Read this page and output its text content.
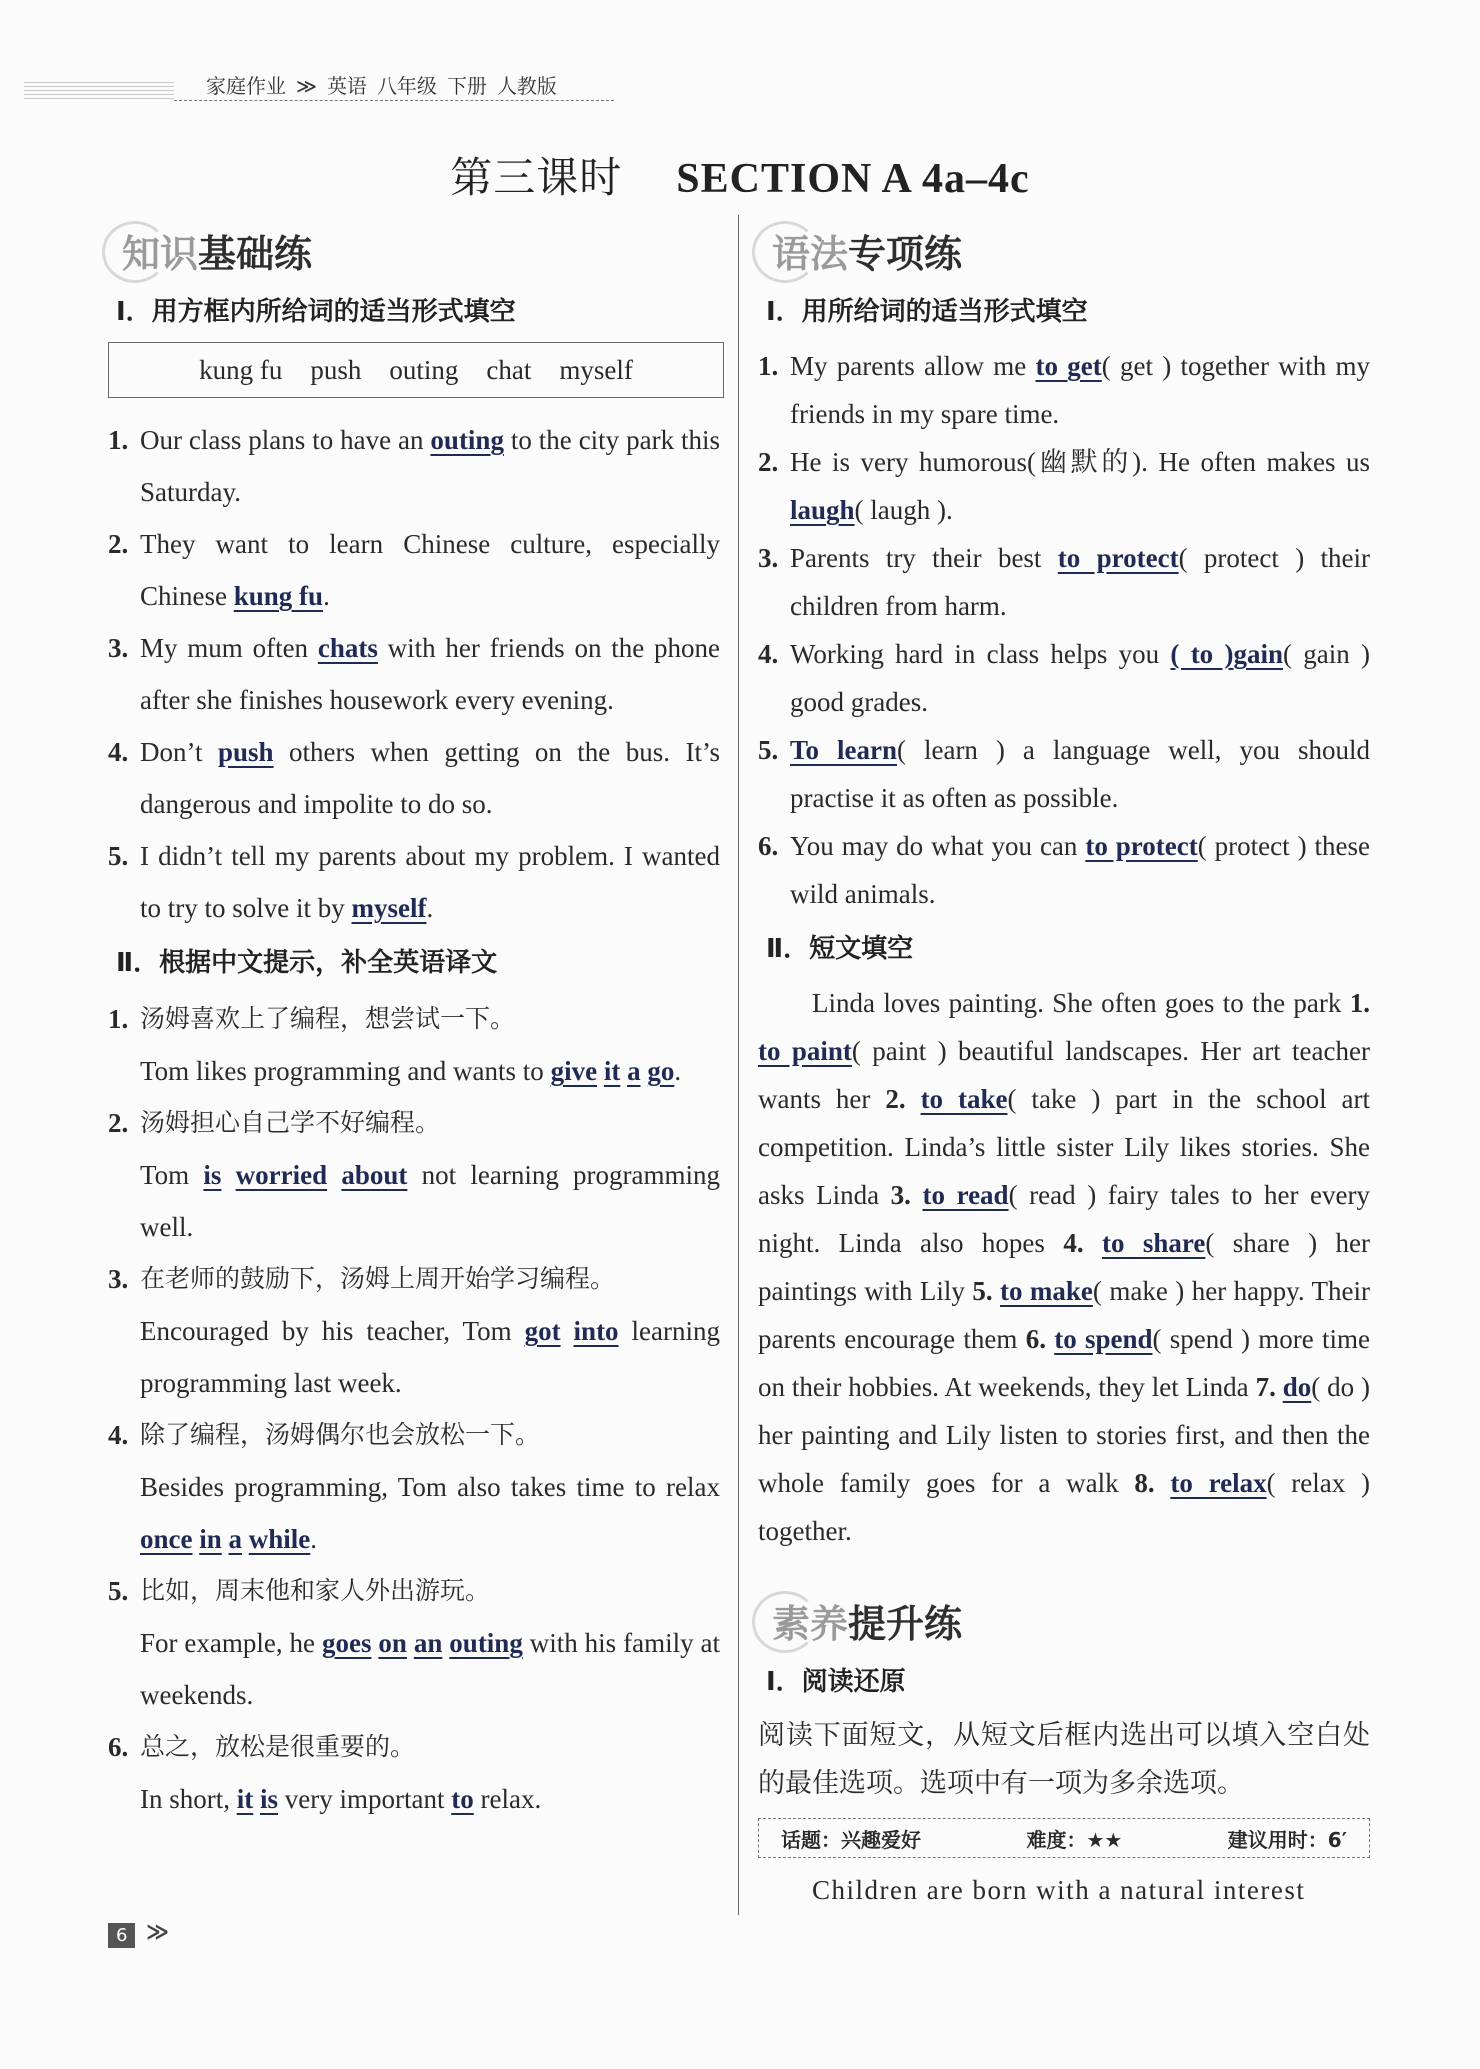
家庭作业 ≫ 英语 八年级 下册 人教版
第三课时 SECTION A 4a–4c
知识 基础练
Ⅰ．用方框内所给词的适当形式填空
kung fu push outing chat myself
1. Our class plans to have an outing to the city park this Saturday.

2. They want to learn Chinese culture, especially Chinese kung fu.

3. My mum often chats with her friends on the phone after she finishes housework every evening.

4. Don’t push others when getting on the bus. It’s dangerous and impolite to do so.

5. I didn’t tell my parents about my problem. I wanted to try to solve it by myself.

Ⅱ．根据中文提示，补全英语译文
1. 汤姆喜欢上了编程，想尝试一下。

Tom likes programming and wants to give it a go.

2. 汤姆担心自己学不好编程。

Tom is worried about not learning programming well.

3. 在老师的鼓励下，汤姆上周开始学习编程。

Encouraged by his teacher, Tom got into learning programming last week.

4. 除了编程，汤姆偶尔也会放松一下。

Besides programming, Tom also takes time to relax once in a while.

5. 比如，周末他和家人外出游玩。

For example, he goes on an outing with his family at weekends.

6. 总之，放松是很重要的。

In short, it is very important to relax.

语法 专项练
Ⅰ．用所给词的适当形式填空
1. My parents allow me to get( get ) together with my friends in my spare time.

2. He is very humorous(幽默的). He often makes us laugh( laugh ).

3. Parents try their best to protect( protect ) their children from harm.

4. Working hard in class helps you ( to )gain( gain ) good grades.

5. To learn( learn ) a language well, you should practise it as often as possible.

6. You may do what you can to protect( protect ) these wild animals.

Ⅱ．短文填空

Linda loves painting. She often goes to the park 1. to paint( paint ) beautiful landscapes. Her art teacher wants her 2. to take( take ) part in the school art competition. Linda’s little sister Lily likes stories. She asks Linda 3. to read( read ) fairy tales to her every night. Linda also hopes 4. to share( share ) her paintings with Lily 5. to make( make ) her happy. Their parents encourage them 6. to spend( spend ) more time on their hobbies. At weekends, they let Linda 7. do( do ) her painting and Lily listen to stories first, and then the whole family goes for a walk 8. to relax( relax ) together.

素养 提升练
Ⅰ．阅读还原

阅读下面短文，从短文后框内选出可以填入空白处的最佳选项。选项中有一项为多余选项。

话题：兴趣爱好	难度：★★	建议用时：6′

Children are born with a natural interest

6 ≫
